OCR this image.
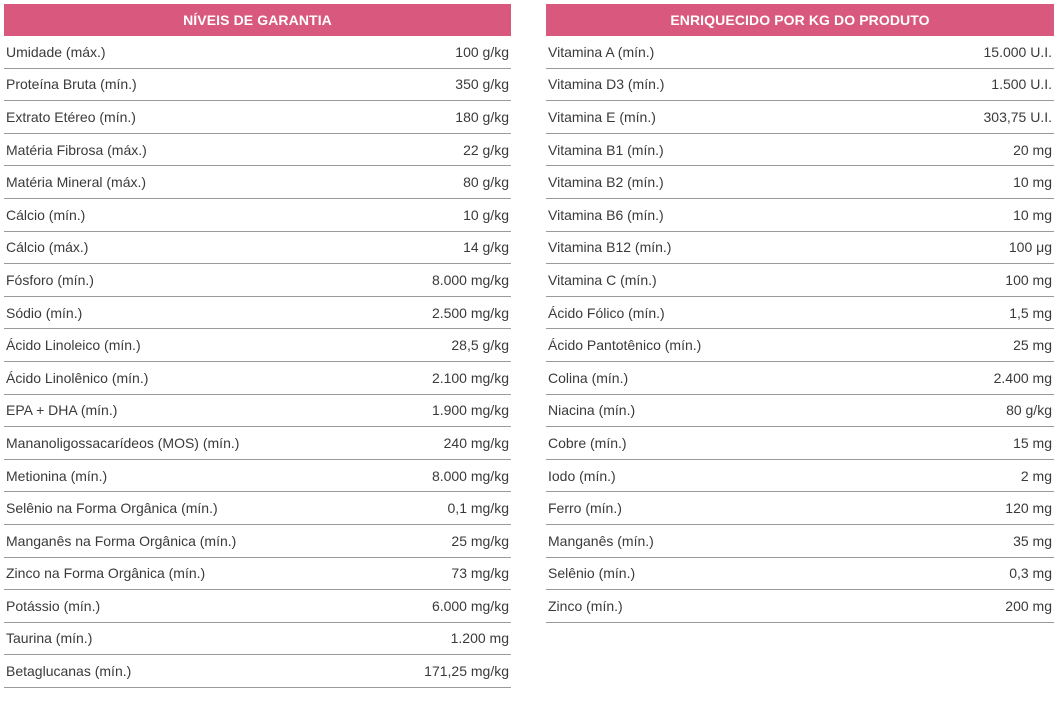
NÍVEIS DE GARANTIA
Umidade (máx.)	100 g/kg
Proteína Bruta (mín.)	350 g/kg
Extrato Etéreo (mín.)	180 g/kg
Matéria Fibrosa (máx.)	22 g/kg
Matéria Mineral (máx.)	80 g/kg
Cálcio (mín.)	10 g/kg
Cálcio (máx.)	14 g/kg
Fósforo (mín.)	8.000 mg/kg
Sódio (mín.)	2.500 mg/kg
Ácido Linoleico (mín.)	28,5 g/kg
Ácido Linolênico (mín.)	2.100 mg/kg
EPA + DHA (mín.)	1.900 mg/kg
Mananoligossacarídeos (MOS) (mín.)	240 mg/kg
Metionina (mín.)	8.000 mg/kg
Selênio na Forma Orgânica (mín.)	0,1 mg/kg
Manganês na Forma Orgânica (mín.)	25 mg/kg
Zinco na Forma Orgânica (mín.)	73 mg/kg
Potássio (mín.)	6.000 mg/kg
Taurina (mín.)	1.200 mg
Betaglucanas (mín.)	171,25 mg/kg
ENRIQUECIDO POR KG DO PRODUTO
Vitamina A (mín.)	15.000 U.I.
Vitamina D3 (mín.)	1.500 U.I.
Vitamina E (mín.)	303,75 U.I.
Vitamina B1 (mín.)	20 mg
Vitamina B2 (mín.)	10 mg
Vitamina B6 (mín.)	10 mg
Vitamina B12 (mín.)	100 μg
Vitamina C (mín.)	100 mg
Ácido Fólico (mín.)	1,5 mg
Ácido Pantotênico (mín.)	25 mg
Colina (mín.)	2.400 mg
Niacina (mín.)	80 g/kg
Cobre (mín.)	15 mg
Iodo (mín.)	2 mg
Ferro (mín.)	120 mg
Manganês (mín.)	35 mg
Selênio (mín.)	0,3 mg
Zinco (mín.)	200 mg
